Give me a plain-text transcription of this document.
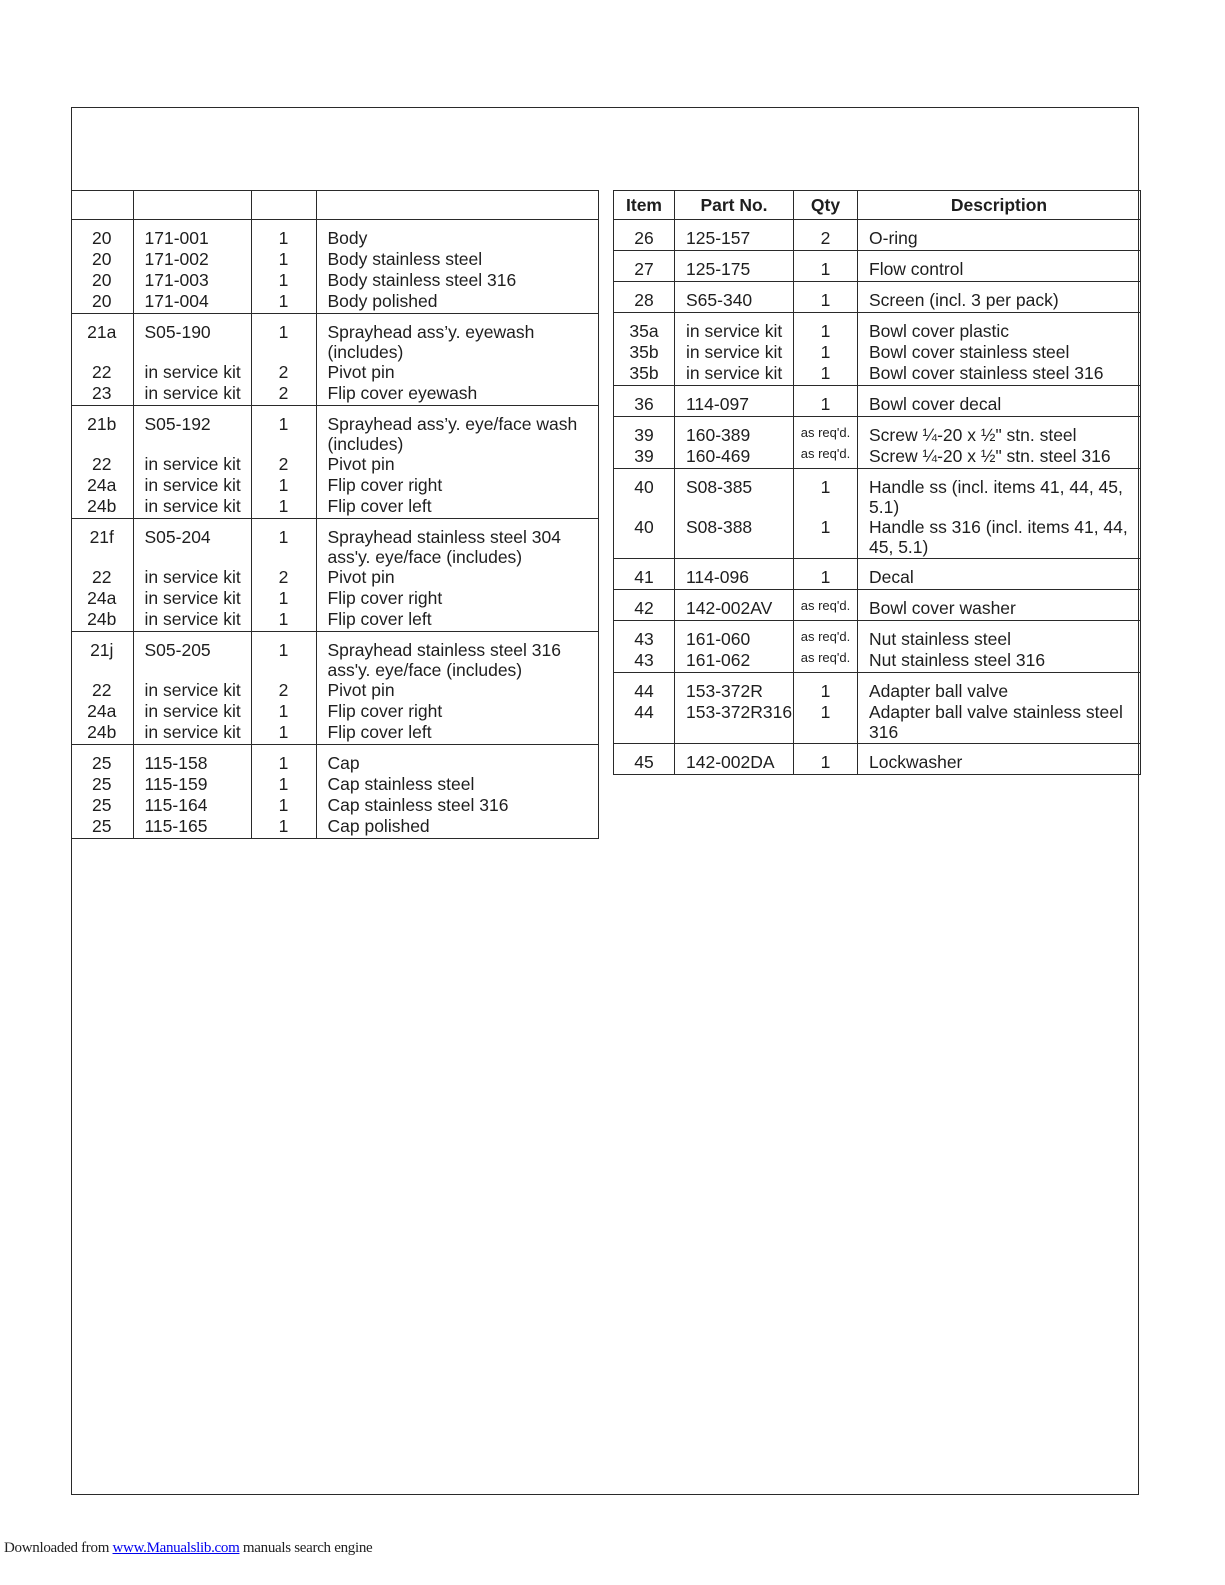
20	171-001	1	Body
20	171-002	1	Body stainless steel
20	171-003	1	Body stainless steel 316
20	171-004	1	Body polished
21a	S05-190	1	Sprayhead ass’y. eyewash (includes)
22	in service kit	2	Pivot pin
23	in service kit	2	Flip cover eyewash
21b	S05-192	1	Sprayhead ass’y. eye/face wash (includes)
22	in service kit	2	Pivot pin
24a	in service kit	1	Flip cover right
24b	in service kit	1	Flip cover left
21f	S05-204	1	Sprayhead stainless steel 304 ass'y. eye/face (includes)
22	in service kit	2	Pivot pin
24a	in service kit	1	Flip cover right
24b	in service kit	1	Flip cover left
21j	S05-205	1	Sprayhead stainless steel 316 ass'y. eye/face (includes)
22	in service kit	2	Pivot pin
24a	in service kit	1	Flip cover right
24b	in service kit	1	Flip cover left
25	115-158	1	Cap
25	115-159	1	Cap stainless steel
25	115-164	1	Cap stainless steel 316
25	115-165	1	Cap polished
Item	Part No.	Qty	Description
26	125-157	2	O-ring
27	125-175	1	Flow control
28	S65-340	1	Screen (incl. 3 per pack)
35a	in service kit	1	Bowl cover plastic
35b	in service kit	1	Bowl cover stainless steel
35b	in service kit	1	Bowl cover stainless steel 316
36	114-097	1	Bowl cover decal
39	160-389	as req'd.	Screw ¼-20 x ½" stn. steel
39	160-469	as req'd.	Screw ¼-20 x ½" stn. steel 316
40	S08-385	1	Handle ss (incl. items 41, 44, 45, 5.1)
40	S08-388	1	Handle ss 316 (incl. items 41, 44, 45, 5.1)
41	114-096	1	Decal
42	142-002AV	as req'd.	Bowl cover washer
43	161-060	as req'd.	Nut stainless steel
43	161-062	as req'd.	Nut stainless steel 316
44	153-372R	1	Adapter ball valve
44	153-372R316	1	Adapter ball valve stainless steel 316
45	142-002DA	1	Lockwasher
Downloaded from www.Manualslib.com manuals search engine
